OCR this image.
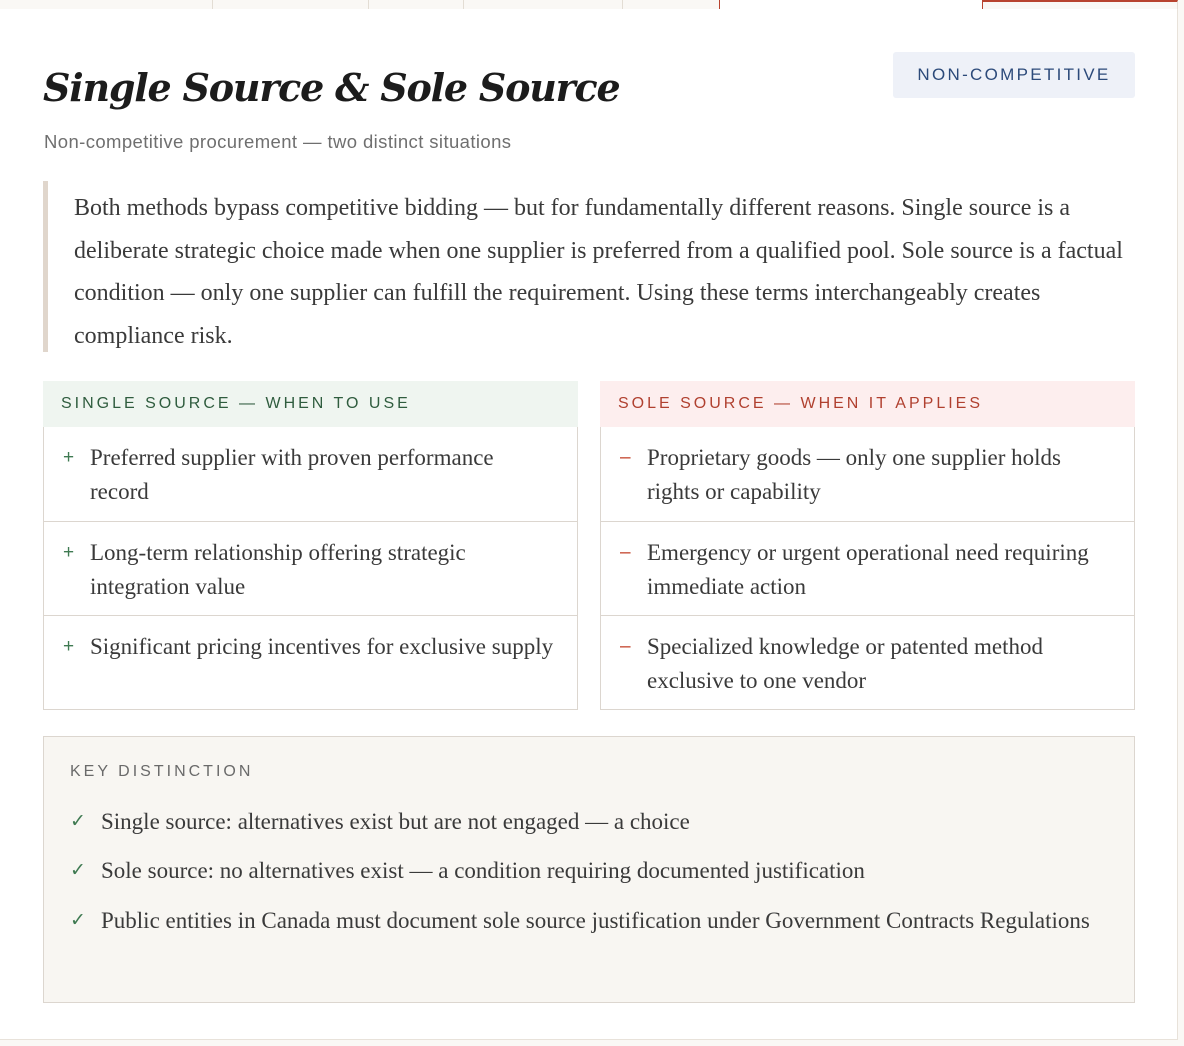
Single Source & Sole Source	NON-COMPETITIVE
Non-competitive procurement — two distinct situations
Both methods bypass competitive bidding — but for fundamentally different reasons. Single source is a deliberate strategic choice made when one supplier is preferred from a qualified pool. Sole source is a factual condition — only one supplier can fulfill the requirement. Using these terms interchangeably creates compliance risk.
SINGLE SOURCE — WHEN TO USE
+ Preferred supplier with proven performance record
+ Long-term relationship offering strategic integration value
+ Significant pricing incentives for exclusive supply
SOLE SOURCE — WHEN IT APPLIES
– Proprietary goods — only one supplier holds rights or capability
– Emergency or urgent operational need requiring immediate action
– Specialized knowledge or patented method exclusive to one vendor
KEY DISTINCTION
✓ Single source: alternatives exist but are not engaged — a choice
✓ Sole source: no alternatives exist — a condition requiring documented justification
✓ Public entities in Canada must document sole source justification under Government Contracts Regulations
